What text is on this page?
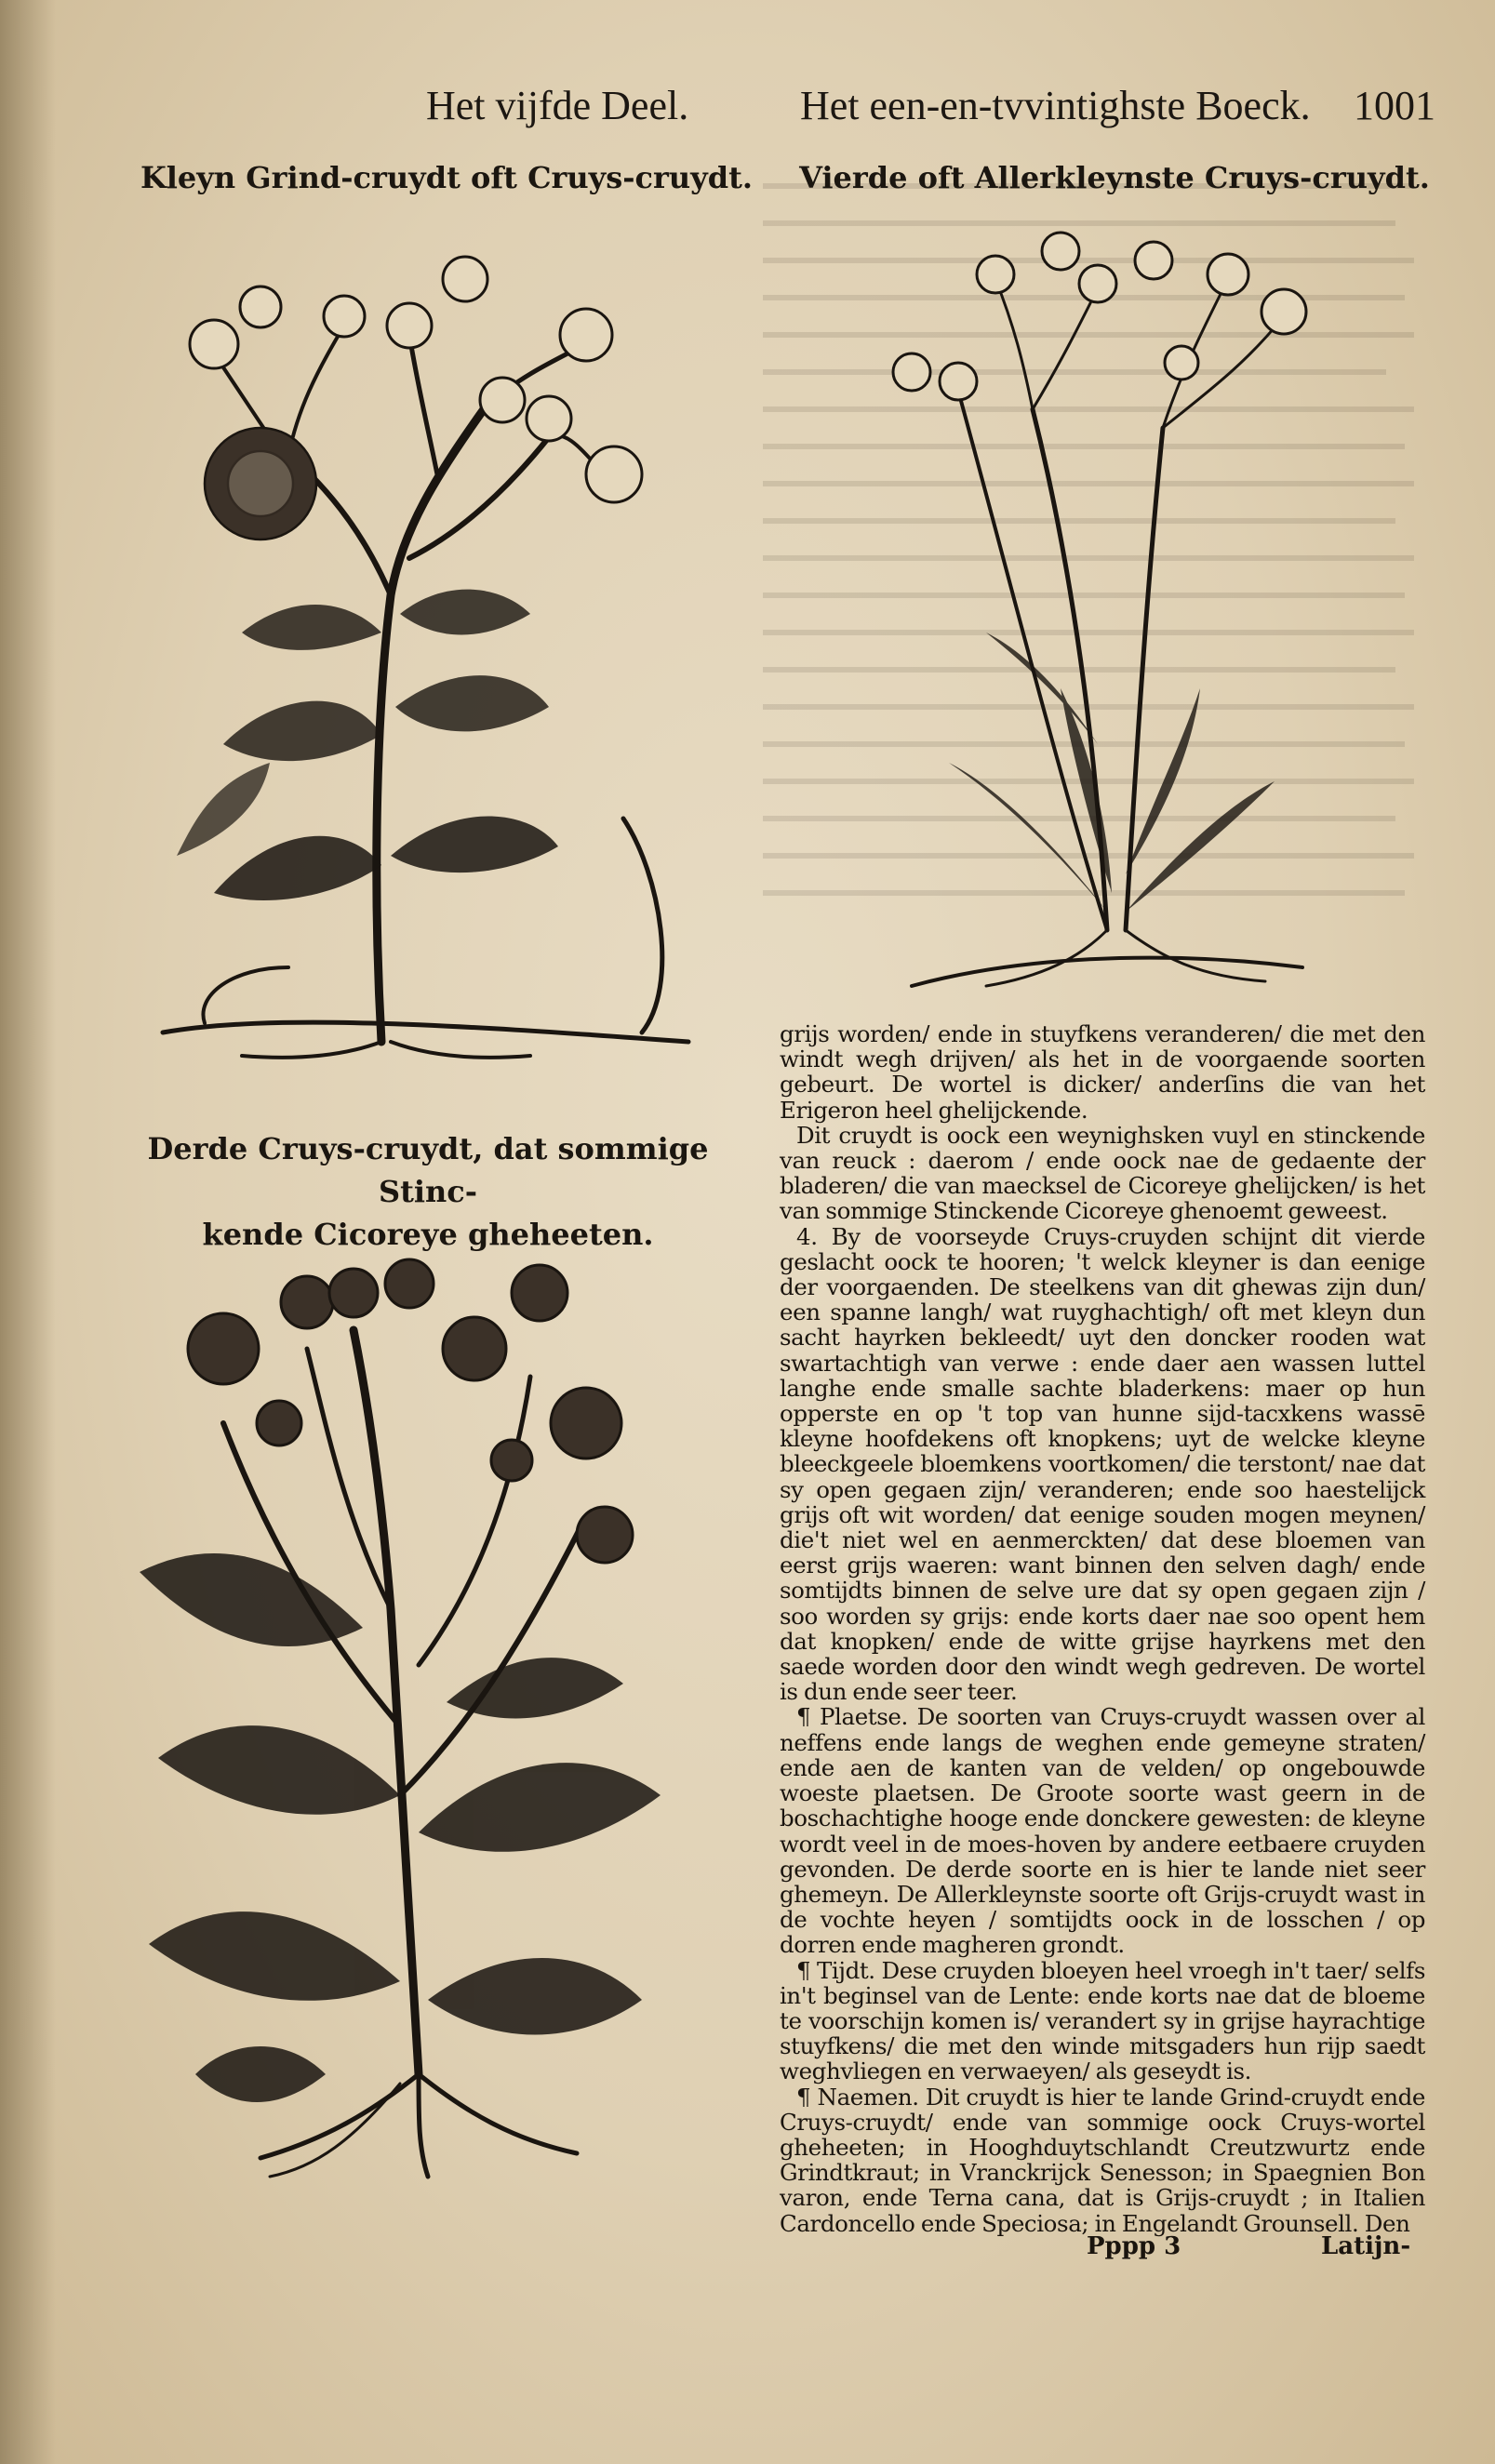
Het vijfde Deel.	Het een-en-tvvintighste Boeck. 1001
Kleyn Grind-cruydt oft Cruys-cruydt.	Vierde oft Allerkleynste Cruys-cruydt.
Derde Cruys-cruydt, dat sommige Stinc-
kende Cicoreye gheheeten.

grijs worden/ ende in stuyfkens veranderen/ die met den windt wegh drijven/ als het in de voorgaende soorten gebeurt. De wortel is dicker/ anderſins die van het Erigeron heel ghelijckende.

Dit cruydt is oock een weynighsken vuyl en stinckende van reuck : daerom / ende oock nae de gedaente der bladeren/ die van maecksel de Cicoreye ghelijcken/ is het van sommige Stinckende Cicoreye ghenoemt geweest.

4. By de voorseyde Cruys-cruyden schijnt dit vierde geslacht oock te hooren; 't welck kleyner is dan eenige der voorgaenden. De steelkens van dit ghewas zijn dun/ een spanne langh/ wat ruyghachtigh/ oft met kleyn dun sacht hayrken bekleedt/ uyt den doncker rooden wat swartachtigh van verwe : ende daer aen wassen luttel langhe ende smalle sachte bladerkens: maer op hun opperste en op 't top van hunne sijd-tacxkens wassē kleyne hoofdekens oft knopkens; uyt de welcke kleyne bleeckgeele bloemkens voortkomen/ die terstont/ nae dat sy open gegaen zijn/ veranderen; ende soo haestelijck grijs oft wit worden/ dat eenige souden mogen meynen/ die't niet wel en aenmerckten/ dat dese bloemen van eerst grijs waeren: want binnen den selven dagh/ ende somtijdts binnen de selve ure dat sy open gegaen zijn / soo worden sy grijs: ende korts daer nae soo opent hem dat knopken/ ende de witte grijse hayrkens met den saede worden door den windt wegh gedreven. De wortel is dun ende seer teer.

¶ Plaetse. De soorten van Cruys-cruydt wassen over al neffens ende langs de weghen ende gemeyne straten/ ende aen de kanten van de velden/ op ongebouwde woeste plaetsen. De Groote soorte wast geern in de boschachtighe hooge ende donckere gewesten: de kleyne wordt veel in de moes-hoven by andere eetbaere cruyden gevonden. De derde soorte en is hier te lande niet seer ghemeyn. De Allerkleynste soorte oft Grijs-cruydt wast in de vochte heyen / somtijdts oock in de losschen / op dorren ende magheren grondt.

¶ Tijdt. Dese cruyden bloeyen heel vroegh in't taer/ selfs in't beginsel van de Lente: ende korts nae dat de bloeme te voorschijn komen is/ verandert sy in grijse hayrachtige stuyfkens/ die met den winde mitsgaders hun rijp saedt weghvliegen en verwaeyen/ als geseydt is.

¶ Naemen. Dit cruydt is hier te lande Grind-cruydt ende Cruys-cruydt/ ende van sommige oock Cruys-wortel gheheeten; in Hooghduytschlandt Creutzwurtz ende Grindtkraut; in Vranckrijck Senesson; in Spaegnien Bon varon, ende Terna cana, dat is Grijs-cruydt ; in Italien Cardoncello ende Speciosa; in Engelandt Grounsell. Den

Pppp 3	Latijn-
